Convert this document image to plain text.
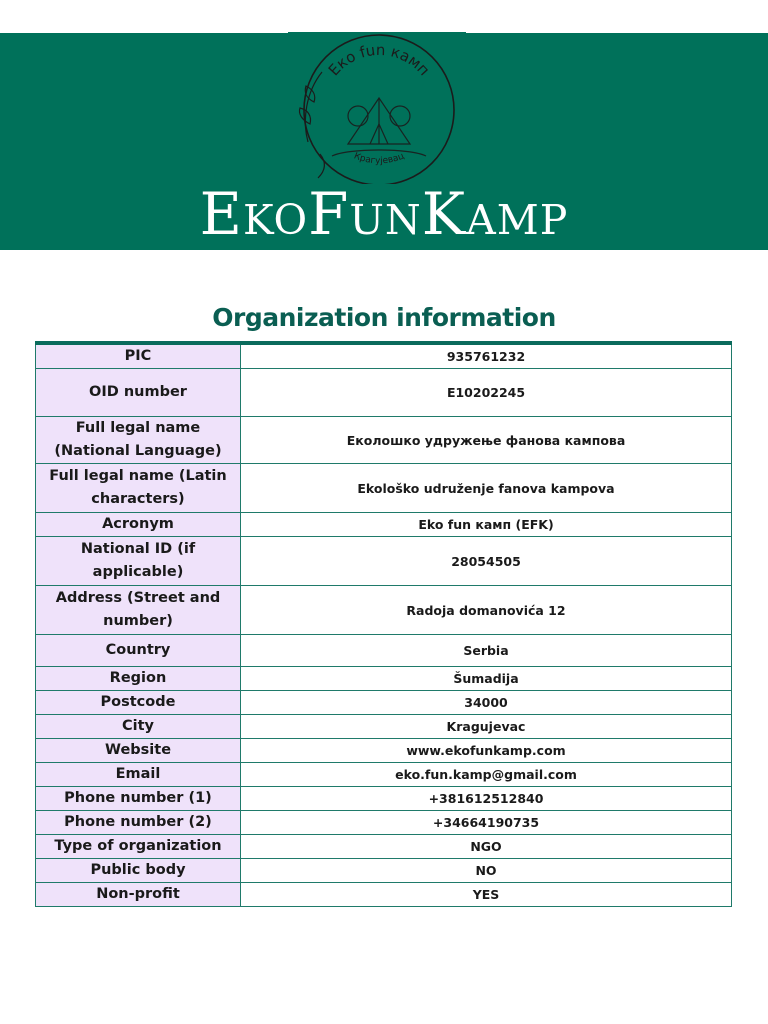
Еко fun камп
Крагујевац
EkoFunKamp
Organization information
PIC	935761232
OID number	E10202245
Full legal name (National Language)	Еколошко удружење фанова кампова
Full legal name (Latin characters)	Ekološko udruženje fanova kampova
Acronym	Eko fun камп (EFK)
National ID (if applicable)	28054505
Address (Street and number)	Radoja domanovića 12
Country	Serbia
Region	Šumadija
Postcode	34000
City	Kragujevac
Website	www.ekofunkamp.com
Email	eko.fun.kamp@gmail.com
Phone number (1)	+381612512840
Phone number (2)	+34664190735
Type of organization	NGO
Public body	NO
Non-profit	YES
